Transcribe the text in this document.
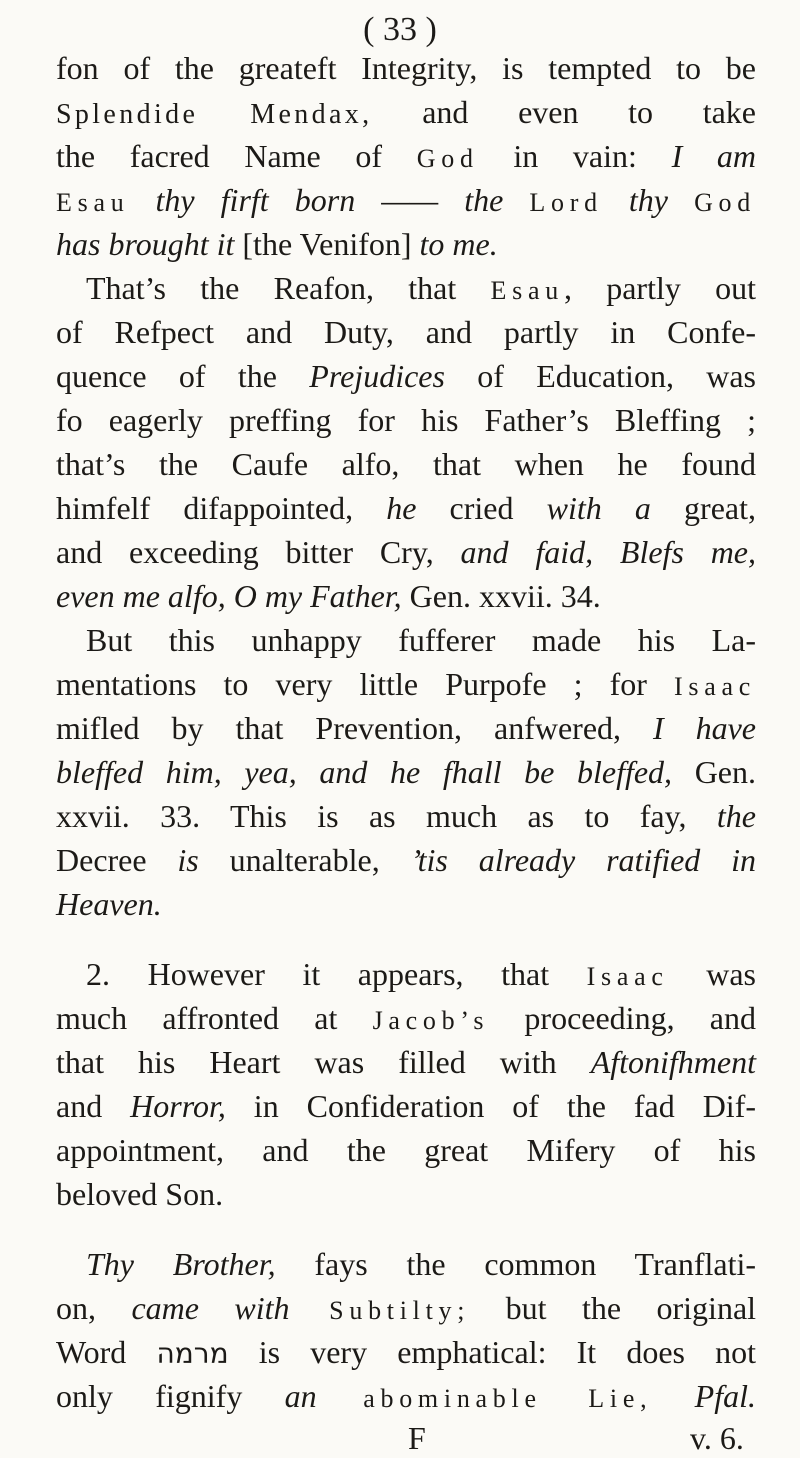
( 33 )
fon of the greateft Integrity, is tempted to be
Splendide Mendax, and even to take
the facred Name of God in vain: I am
Esau thy firft born —— the Lord thy God
has brought it [the Venifon] to me.
That’s the Reafon, that Esau, partly out
of Refpect and Duty, and partly in Confe-
quence of the Prejudices of Education, was
fo eagerly preffing for his Father’s Bleffing ;
that’s the Caufe alfo, that when he found
himfelf difappointed, he cried with a great,
and exceeding bitter Cry, and faid, Blefs me,
even me alfo, O my Father, Gen. xxvii. 34.
But this unhappy fufferer made his La-
mentations to very little Purpofe ; for Isaac
mifled by that Prevention, anfwered, I have
bleffed him, yea, and he fhall be bleffed, Gen.
xxvii. 33. This is as much as to fay, the
Decree is unalterable, ’tis already ratified in
Heaven.
2. However it appears, that Isaac was
much affronted at Jacob’s proceeding, and
that his Heart was filled with Aftonifhment
and Horror, in Confideration of the fad Dif-
appointment, and the great Mifery of his
beloved Son.
Thy Brother, fays the common Tranflati-
on, came with Subtilty; but the original
Word מרמה is very emphatical: It does not
only fignify an abominable Lie, Pfal.
F	v. 6.
